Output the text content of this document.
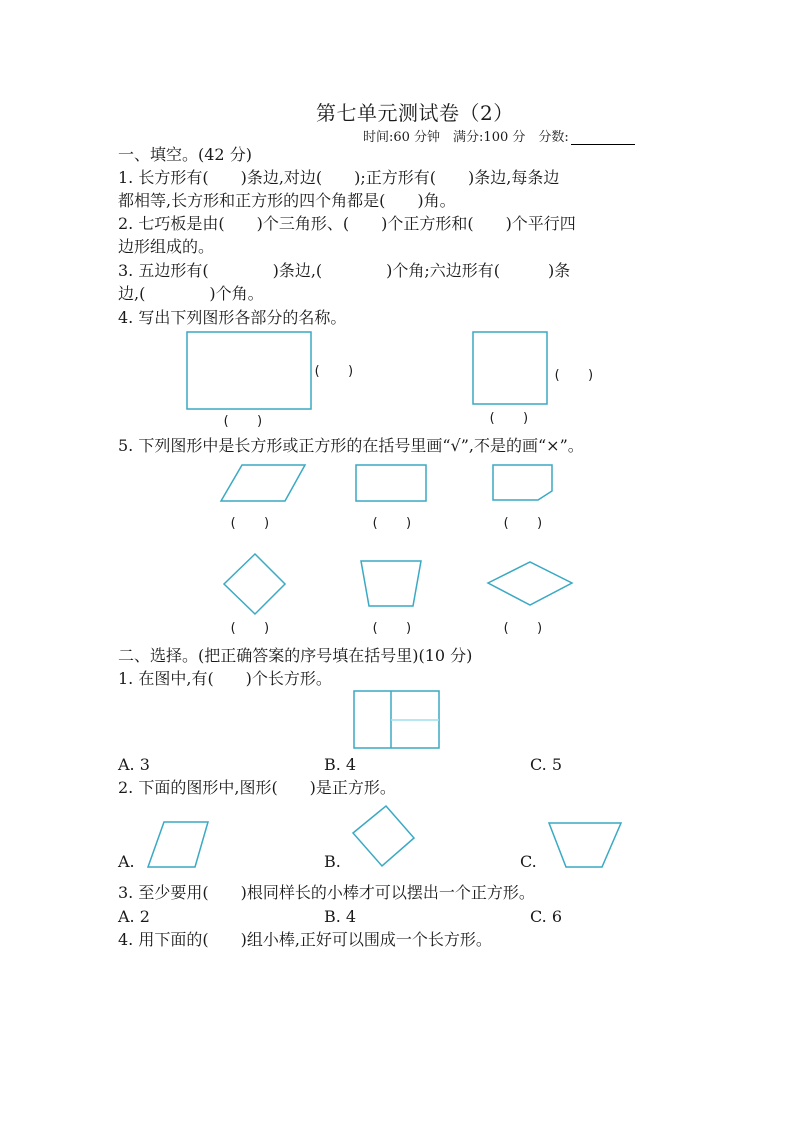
第七单元测试卷（2）
时间:60 分钟　满分:100 分　分数:
一、填空。(42 分)
1. 长方形有(　　)条边,对边(　　);正方形有(　　)条边,每条边
都相等,长方形和正方形的四个角都是(　　)角。
2. 七巧板是由(　　)个三角形、(　　)个正方形和(　　)个平行四
边形组成的。
3. 五边形有(　　　　)条边,(　　　　)个角;六边形有(　　　)条
边,(　　　　)个角。
4. 写出下列图形各部分的名称。
(　　)
(　　)
(　　)
(　　)
5. 下列图形中是长方形或正方形的在括号里画“√”,不是的画“×”。
(　　)	(　　)	(　　)
(　　)	(　　)	(　　)
二、选择。(把正确答案的序号填在括号里)(10 分)
1. 在图中,有(　　)个长方形。
A. 3	B. 4	C. 5
2. 下面的图形中,图形(　　)是正方形。
A.	B.	C.
3. 至少要用(　　)根同样长的小棒才可以摆出一个正方形。
A. 2	B. 4	C. 6
4. 用下面的(　　)组小棒,正好可以围成一个长方形。
